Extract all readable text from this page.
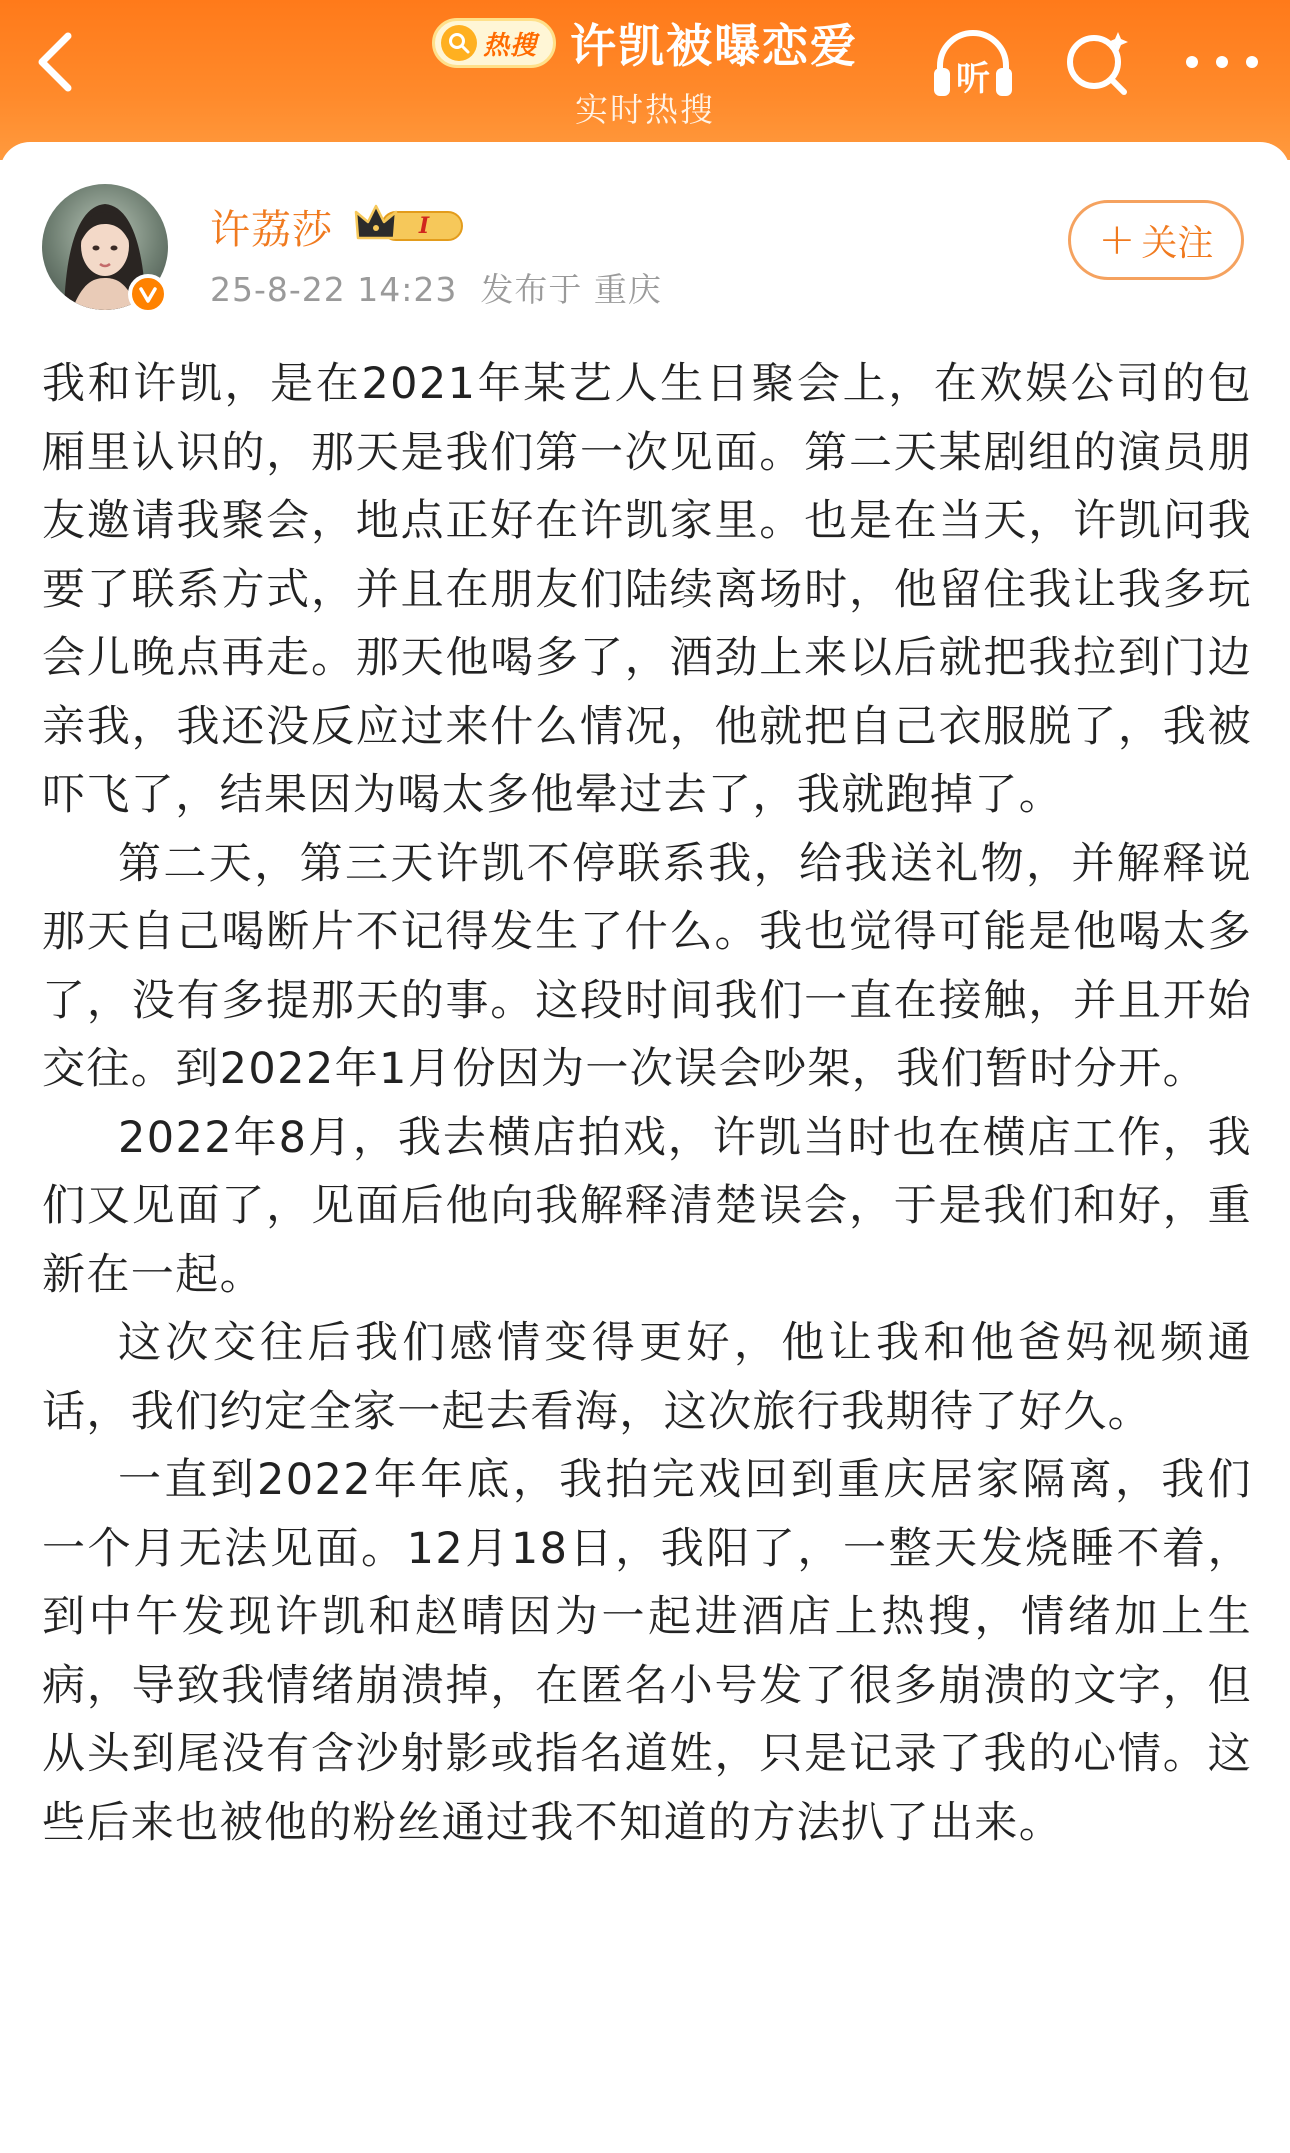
热搜 许凯被曝恋爱
实时热搜
听
许荔莎	I
25-8-22 14:23 发布于 重庆
+ 关注

我和许凯，是在2021年某艺人生日聚会上，在欢娱公司的包厢里认识的，那天是我们第一次见面。第二天某剧组的演员朋友邀请我聚会，地点正好在许凯家里。也是在当天，许凯问我要了联系方式，并且在朋友们陆续离场时，他留住我让我多玩会儿晚点再走。那天他喝多了，酒劲上来以后就把我拉到门边亲我，我还没反应过来什么情况，他就把自己衣服脱了，我被吓飞了，结果因为喝太多他晕过去了，我就跑掉了。

第二天，第三天许凯不停联系我，给我送礼物，并解释说那天自己喝断片不记得发生了什么。我也觉得可能是他喝太多了，没有多提那天的事。这段时间我们一直在接触，并且开始交往。到2022年1月份因为一次误会吵架，我们暂时分开。

2022年8月，我去横店拍戏，许凯当时也在横店工作，我们又见面了，见面后他向我解释清楚误会，于是我们和好，重新在一起。

这次交往后我们感情变得更好，他让我和他爸妈视频通话，我们约定全家一起去看海，这次旅行我期待了好久。

一直到2022年年底，我拍完戏回到重庆居家隔离，我们一个月无法见面。12月18日，我阳了，一整天发烧睡不着，到中午发现许凯和赵晴因为一起进酒店上热搜，情绪加上生病，导致我情绪崩溃掉，在匿名小号发了很多崩溃的文字，但从头到尾没有含沙射影或指名道姓，只是记录了我的心情。这些后来也被他的粉丝通过我不知道的方法扒了出来。
